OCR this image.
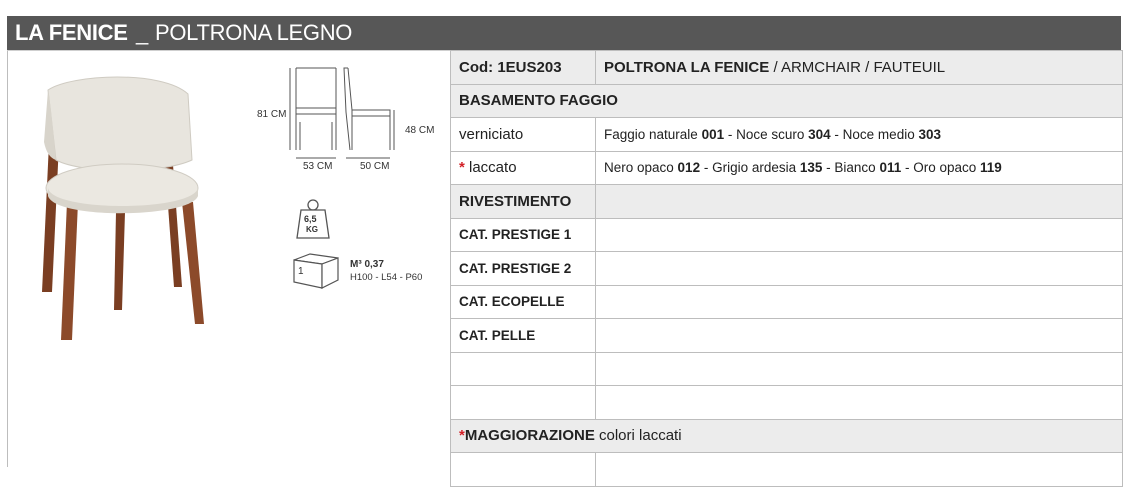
LA FENICE _ POLTRONA LEGNO
81 CM
48 CM
53 CM	50 CM
6,5
KG
1
M³ 0,37
H100 - L54 - P60
Cod: 1EUS203	POLTRONA LA FENICE / ARMCHAIR / FAUTEUIL
BASAMENTO FAGGIO	
verniciato	Faggio naturale 001 - Noce scuro 304 - Noce medio 303
* laccato	Nero opaco 012 - Grigio ardesia 135 - Bianco 011 - Oro opaco 119
RIVESTIMENTO	
CAT. PRESTIGE 1	
CAT. PRESTIGE 2	
CAT. ECOPELLE	
CAT. PELLE	

*MAGGIORAZIONE colori laccati	
